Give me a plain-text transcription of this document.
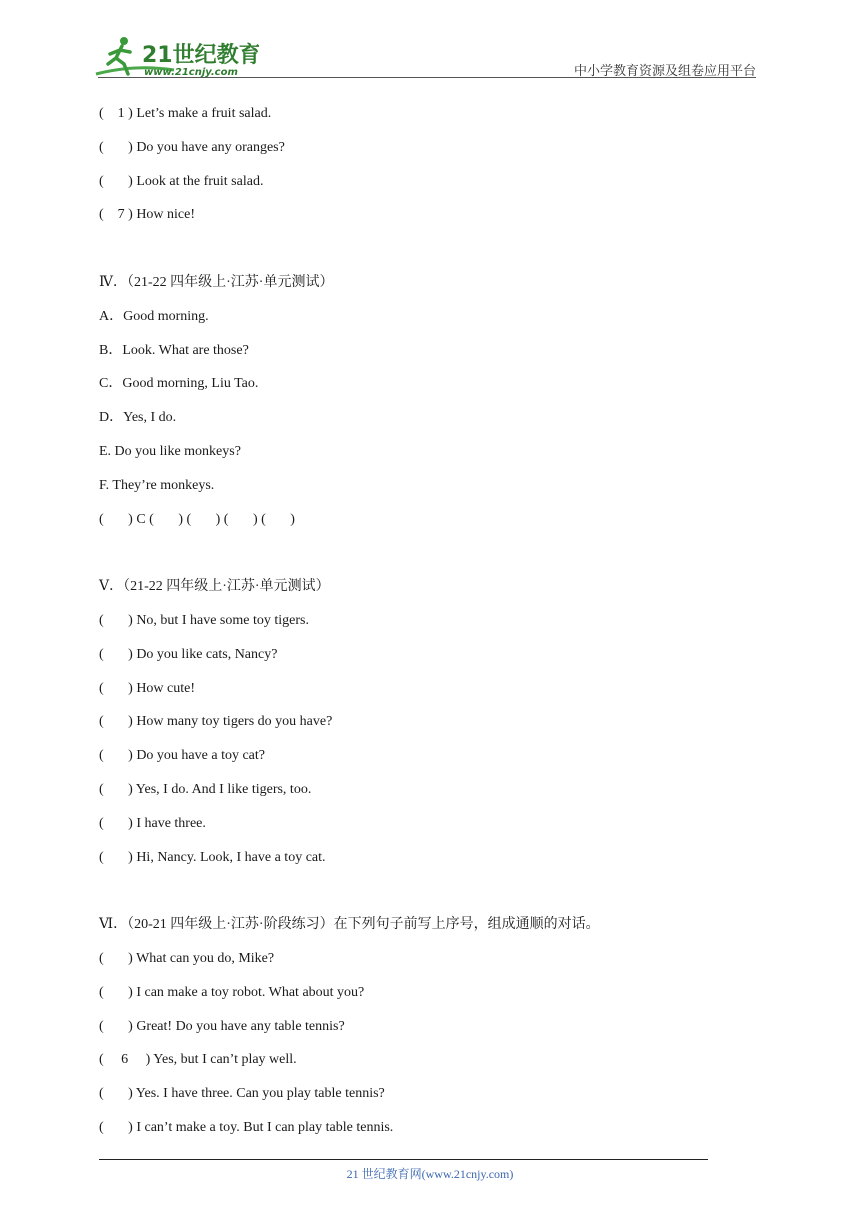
21世纪教育
www.21cnjy.com	中小学教育资源及组卷应用平台
(    1 ) Let’s make a fruit salad.
(       ) Do you have any oranges?
(       ) Look at the fruit salad.
(    7 ) How nice!
Ⅳ．（21-22 四年级上·江苏·单元测试）
A．Good morning.
B．Look. What are those?
C．Good morning, Liu Tao.
D．Yes, I do.
E. Do you like monkeys?
F. They’re monkeys.
(       ) C (       ) (       ) (       ) (       )
Ⅴ．（21-22 四年级上·江苏·单元测试）
(       ) No, but I have some toy tigers.
(       ) Do you like cats, Nancy?
(       ) How cute!
(       ) How many toy tigers do you have?
(       ) Do you have a toy cat?
(       ) Yes, I do. And I like tigers, too.
(       ) I have three.
(       ) Hi, Nancy. Look, I have a toy cat.
Ⅵ．（20-21 四年级上·江苏·阶段练习）在下列句子前写上序号，组成通顺的对话。
(       ) What can you do, Mike?
(       ) I can make a toy robot. What about you?
(       ) Great! Do you have any table tennis?
(     6     ) Yes, but I can’t play well.
(       ) Yes. I have three. Can you play table tennis?
(       ) I can’t make a toy. But I can play table tennis.
21 世纪教育网(www.21cnjy.com)
